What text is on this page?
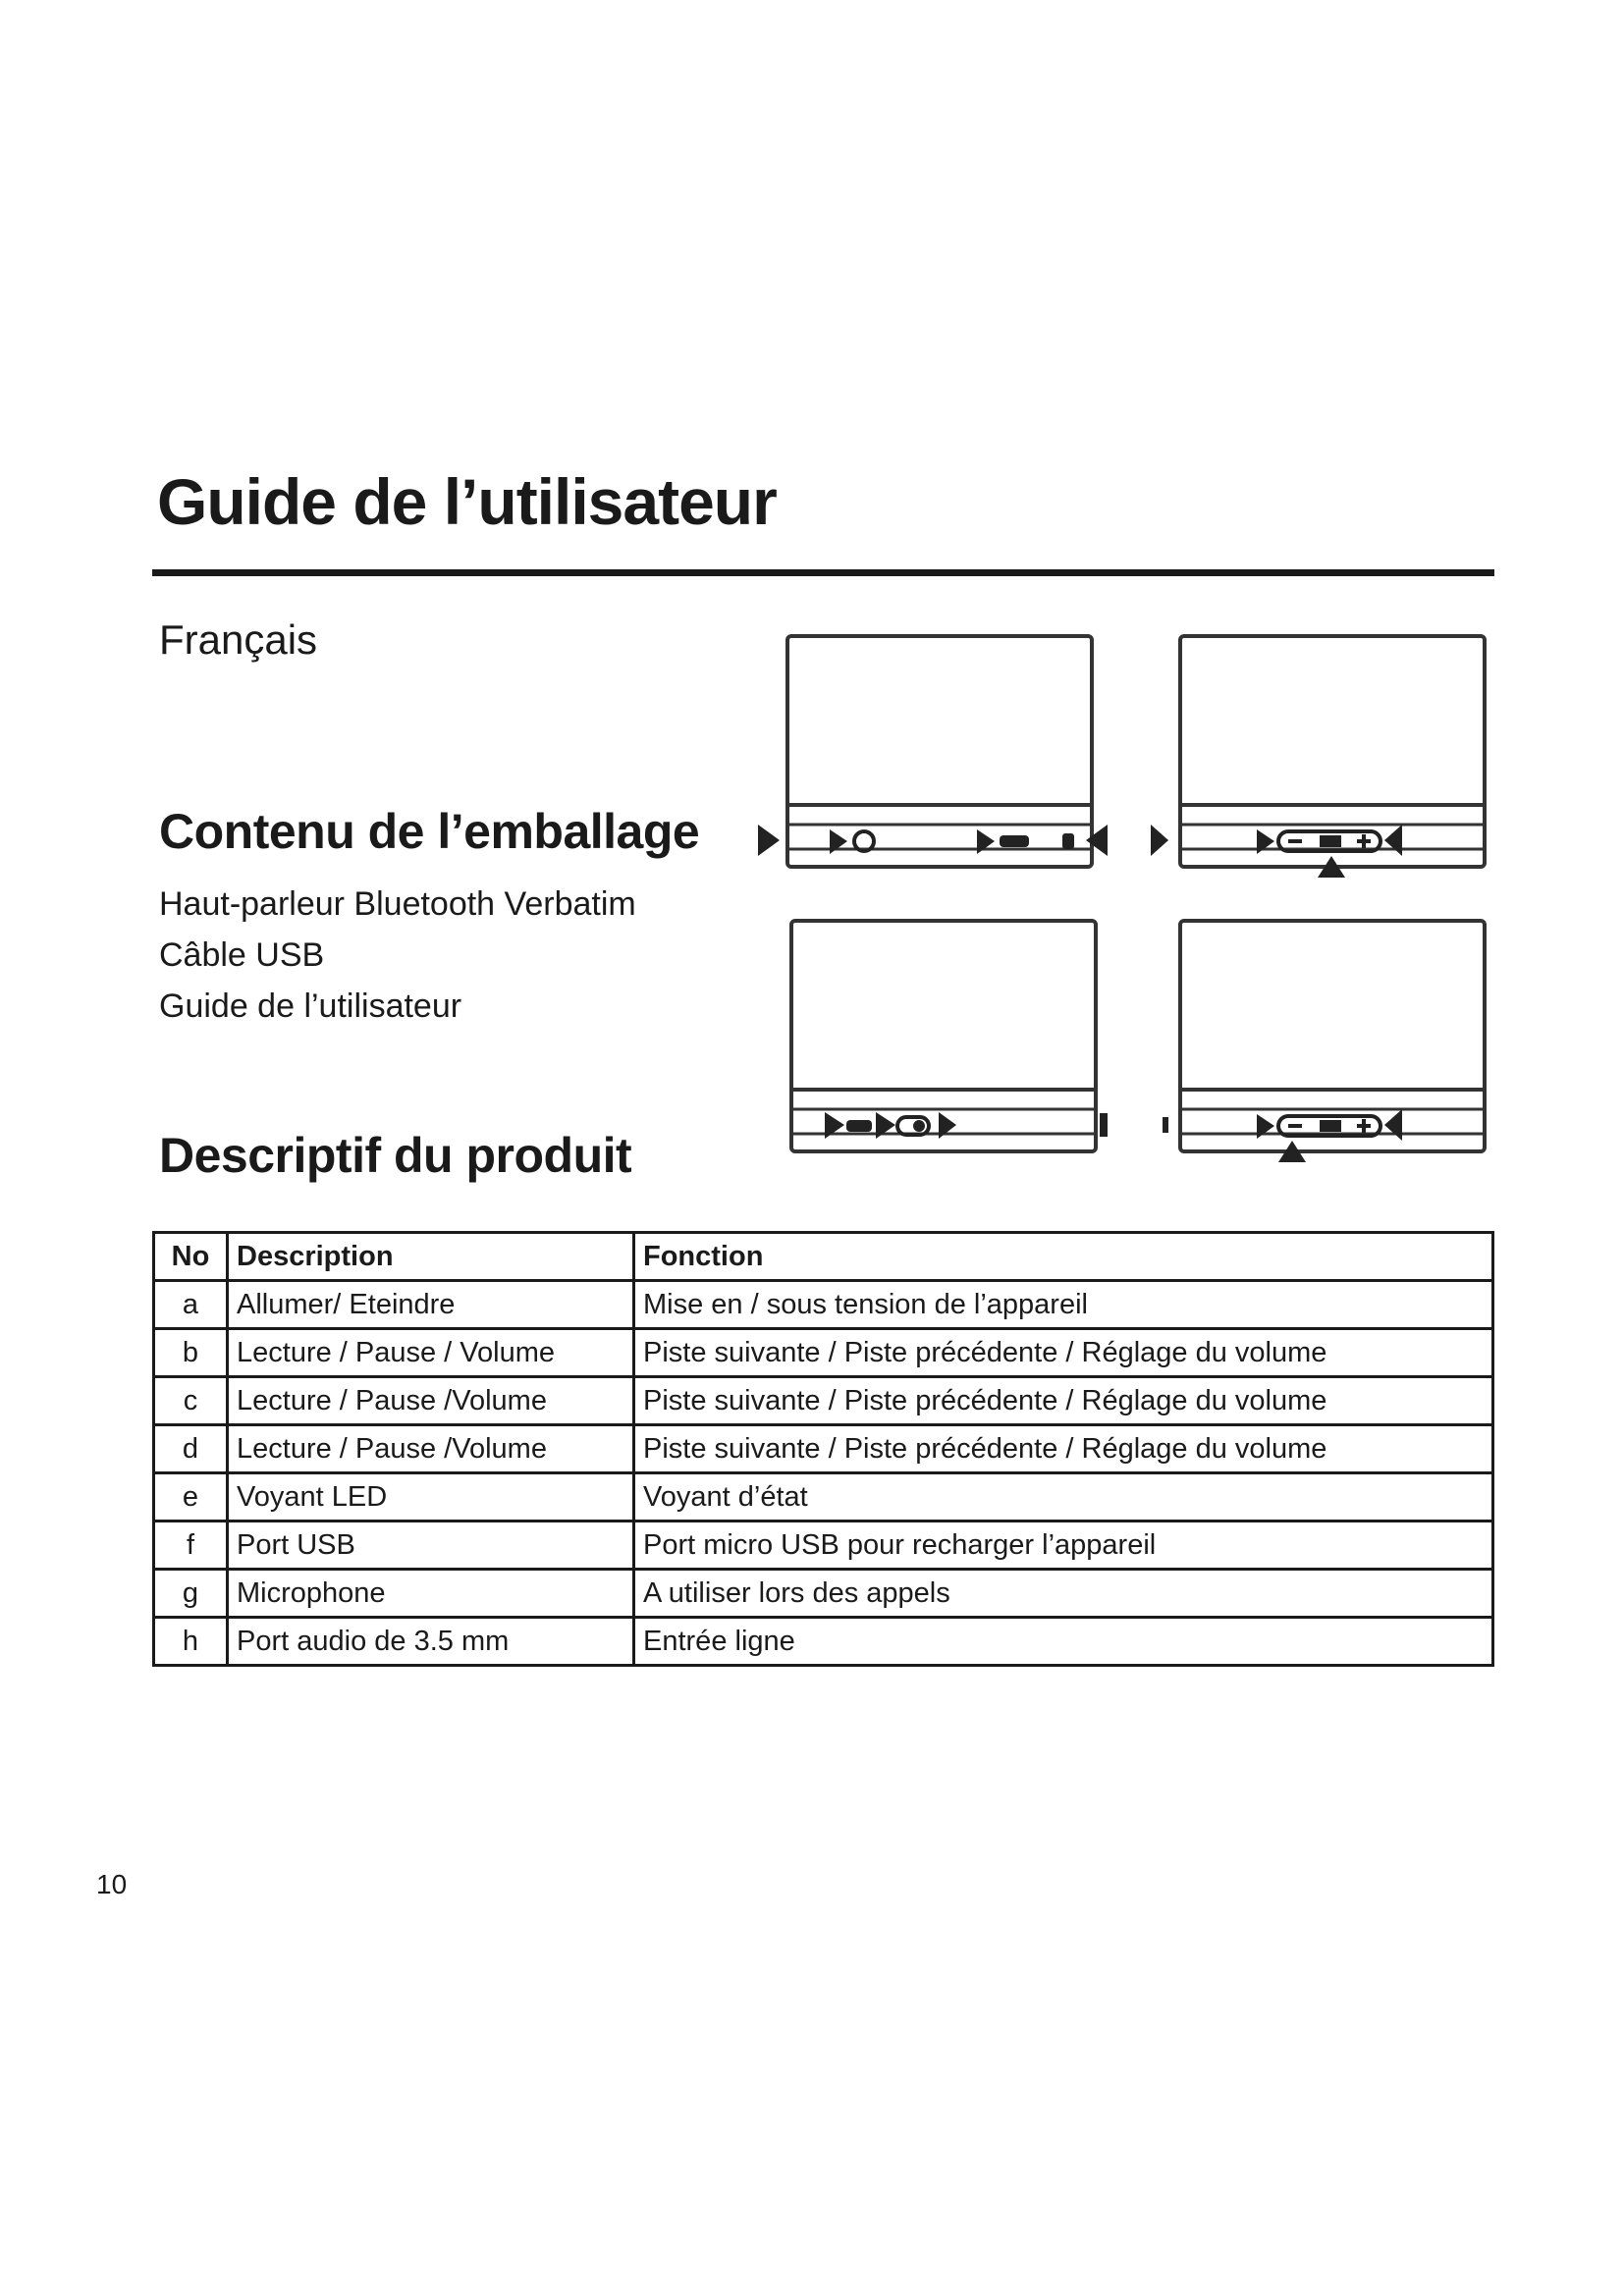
Guide de l’utilisateur
Français
Contenu de l’emballage
Haut-parleur Bluetooth Verbatim
Câble USB
Guide de l’utilisateur
Descriptif du produit
No	Description	Fonction
a	Allumer/ Eteindre	Mise en / sous tension de l’appareil
b	Lecture / Pause / Volume	Piste suivante / Piste précédente / Réglage du volume
c	Lecture / Pause /Volume	Piste suivante / Piste précédente / Réglage du volume
d	Lecture / Pause /Volume	Piste suivante / Piste précédente / Réglage du volume
e	Voyant LED	Voyant d’état
f	Port USB	Port micro USB pour recharger l’appareil
g	Microphone	A utiliser lors des appels
h	Port audio de 3.5 mm	Entrée ligne
10
